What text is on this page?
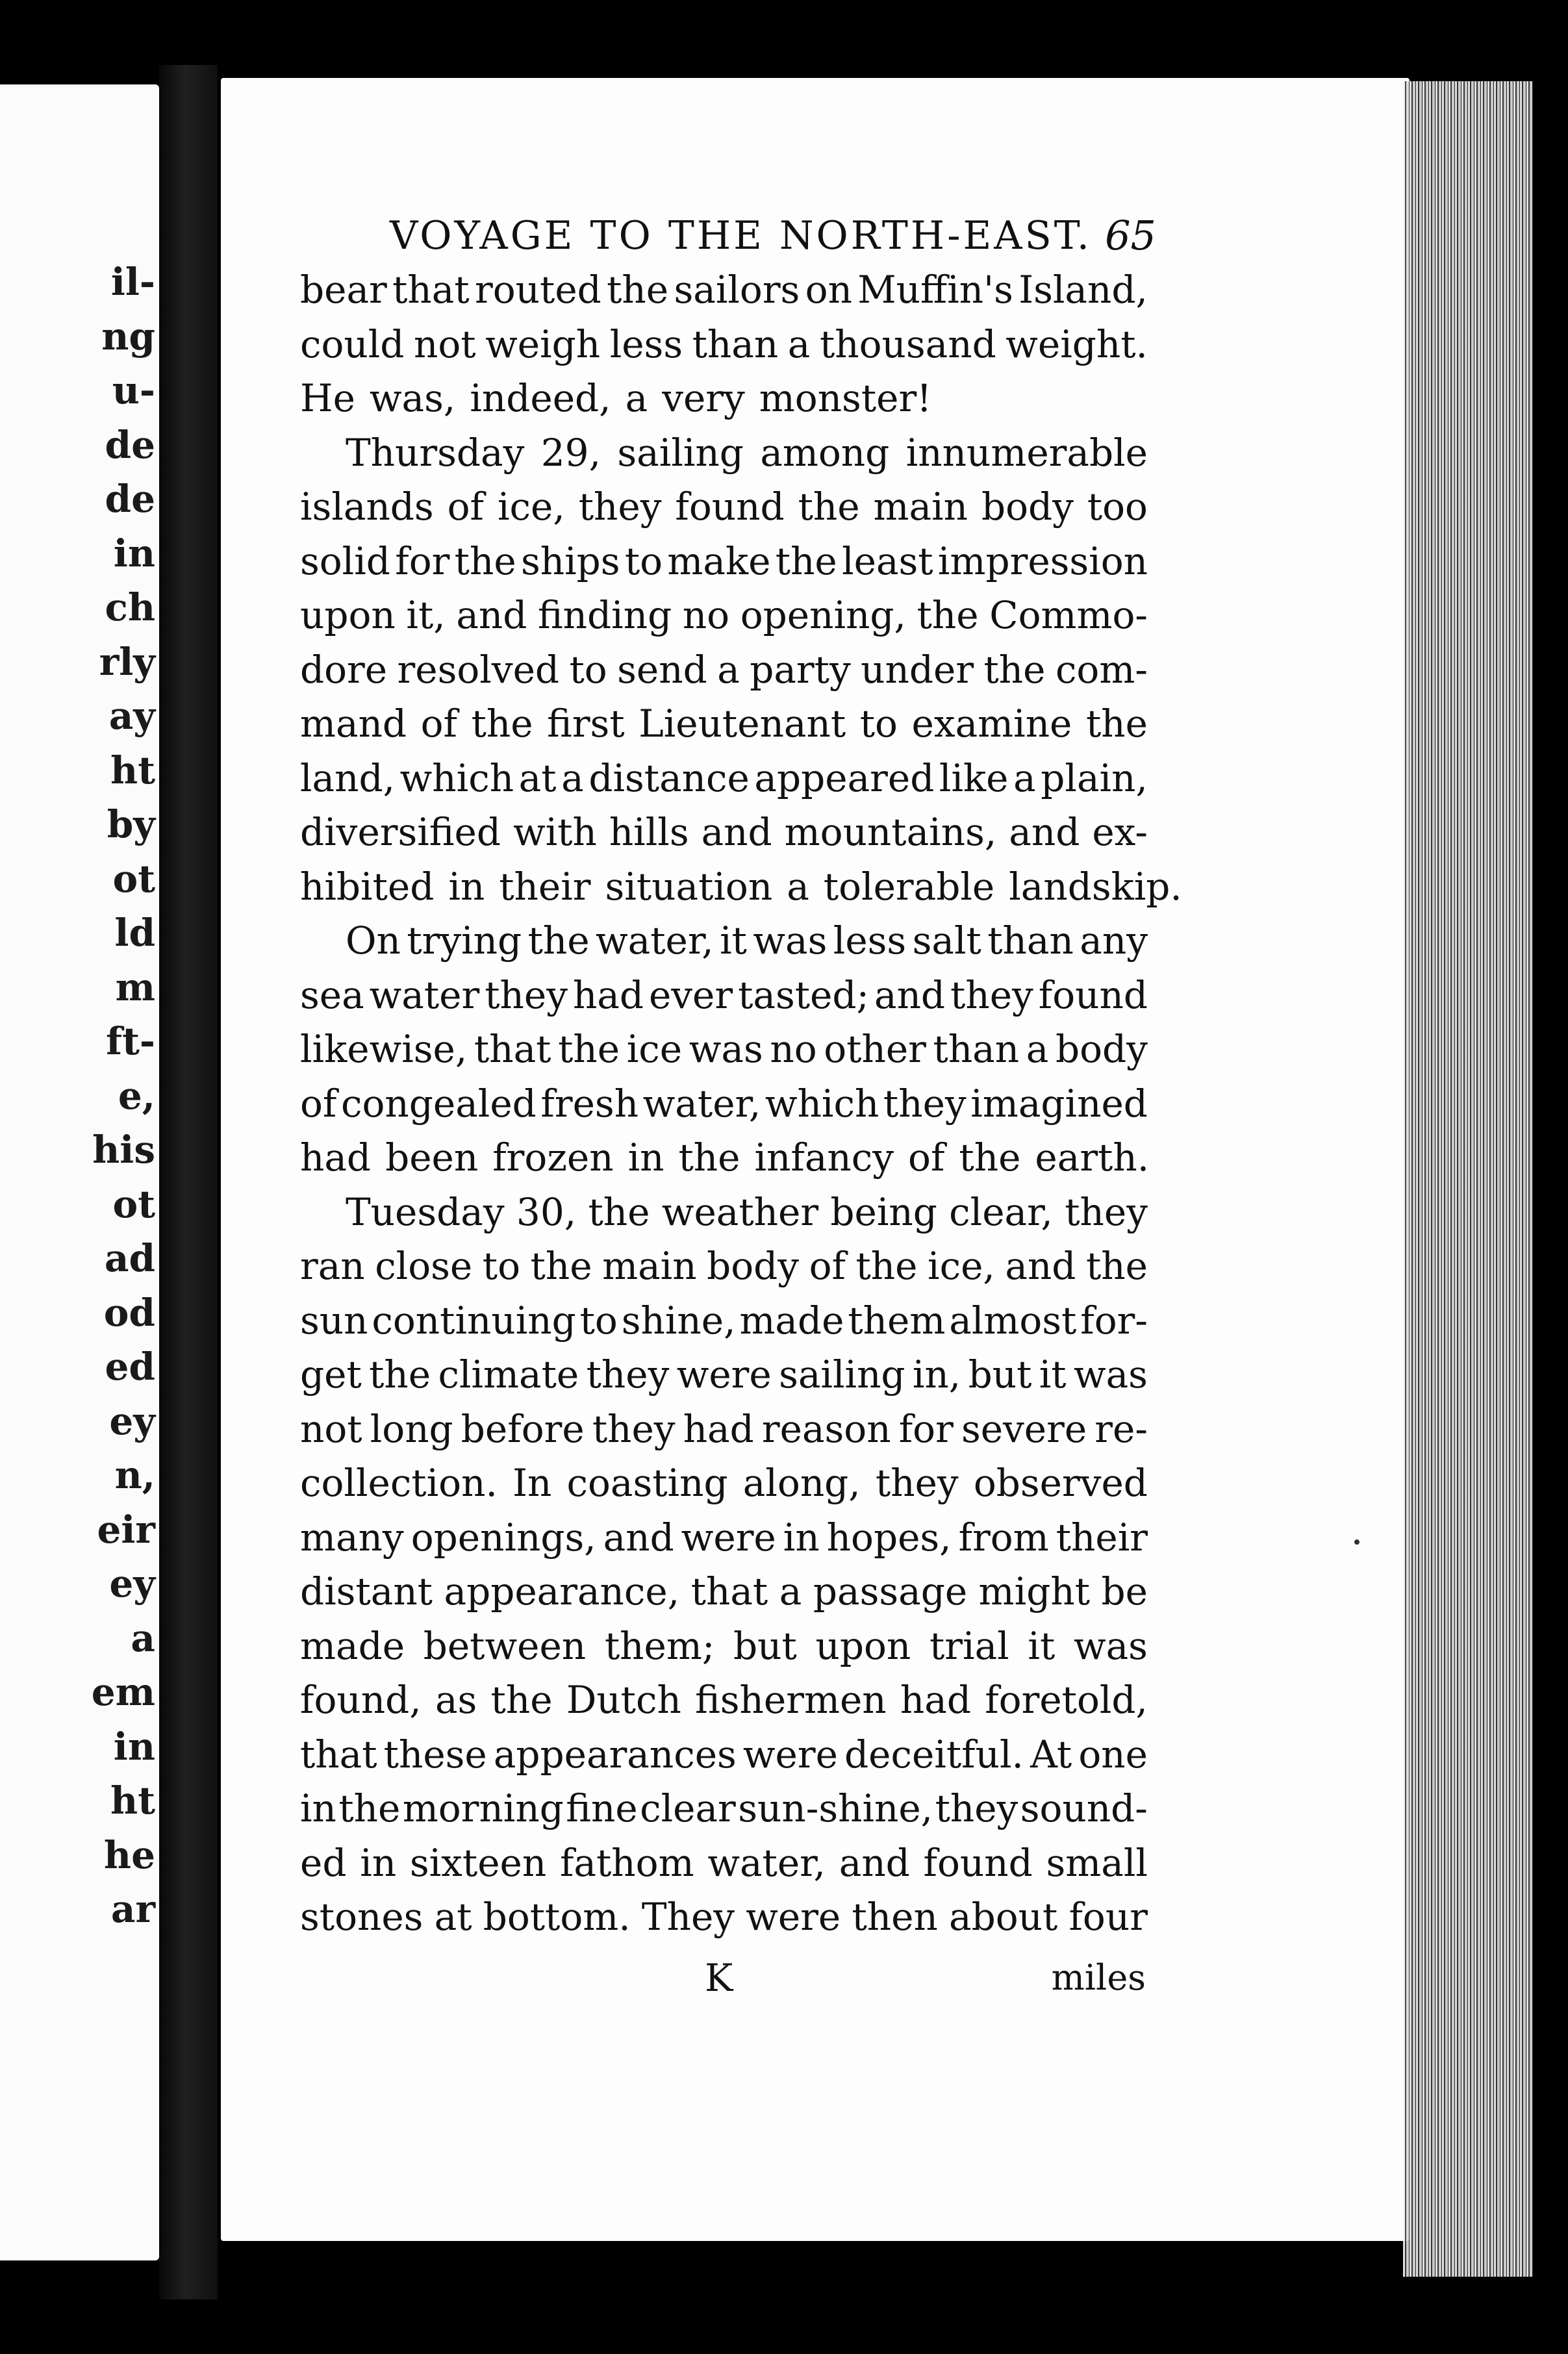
il-
ng
u-
de
de
in
ch
rly
ay
ht
by
ot
ld
m
ft-
e,
his
ot
ad
od
ed
ey
n,
eir
ey
a
em
in
ht
he
ar
VOYAGE TO THE NORTH-EAST. 65
bear that routed the sailors on Muffin's Island,
could not weigh less than a thousand weight.
He was, indeed, a very monster!
Thursday 29, sailing among innumerable
islands of ice, they found the main body too
solid for the ships to make the least impression
upon it, and finding no opening, the Commo-
dore resolved to send a party under the com-
mand of the first Lieutenant to examine the
land, which at a distance appeared like a plain,
diversified with hills and mountains, and ex-
hibited in their situation a tolerable landskip.
On trying the water, it was less salt than any
sea water they had ever tasted; and they found
likewise, that the ice was no other than a body
of congealed fresh water, which they imagined
had been frozen in the infancy of the earth.
Tuesday 30, the weather being clear, they
ran close to the main body of the ice, and the
sun continuing to shine, made them almost for-
get the climate they were sailing in, but it was
not long before they had reason for severe re-
collection. In coasting along, they observed
many openings, and were in hopes, from their
distant appearance, that a passage might be
made between them; but upon trial it was
found, as the Dutch fishermen had foretold,
that these appearances were deceitful. At one
in the morning fine clear sun-shine, they sound-
ed in sixteen fathom water, and found small
stones at bottom. They were then about four
K	miles
